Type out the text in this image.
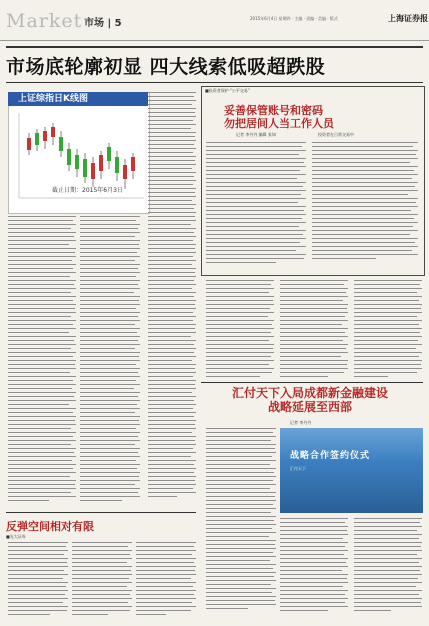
Market 市场 | 5	2015年6月4日 星期四 · 主编 · 责编 · 美编 · 版式	上海证券报
市场底轮廓初显 四大线索低吸超跌股
上证综指日K线图
截止日期：2015年6月3日
■投资者保护·"公平交易"
妥善保管账号和密码
勿把居间人当工作人员
记者 李丹丹 编辑 张知	投资者在日常交易中
汇付天下入局成都新金融建设
战略延展至西部
记者 李丹丹
战略合作签约仪式
汇付天下
反弹空间相对有限
■光大证券
